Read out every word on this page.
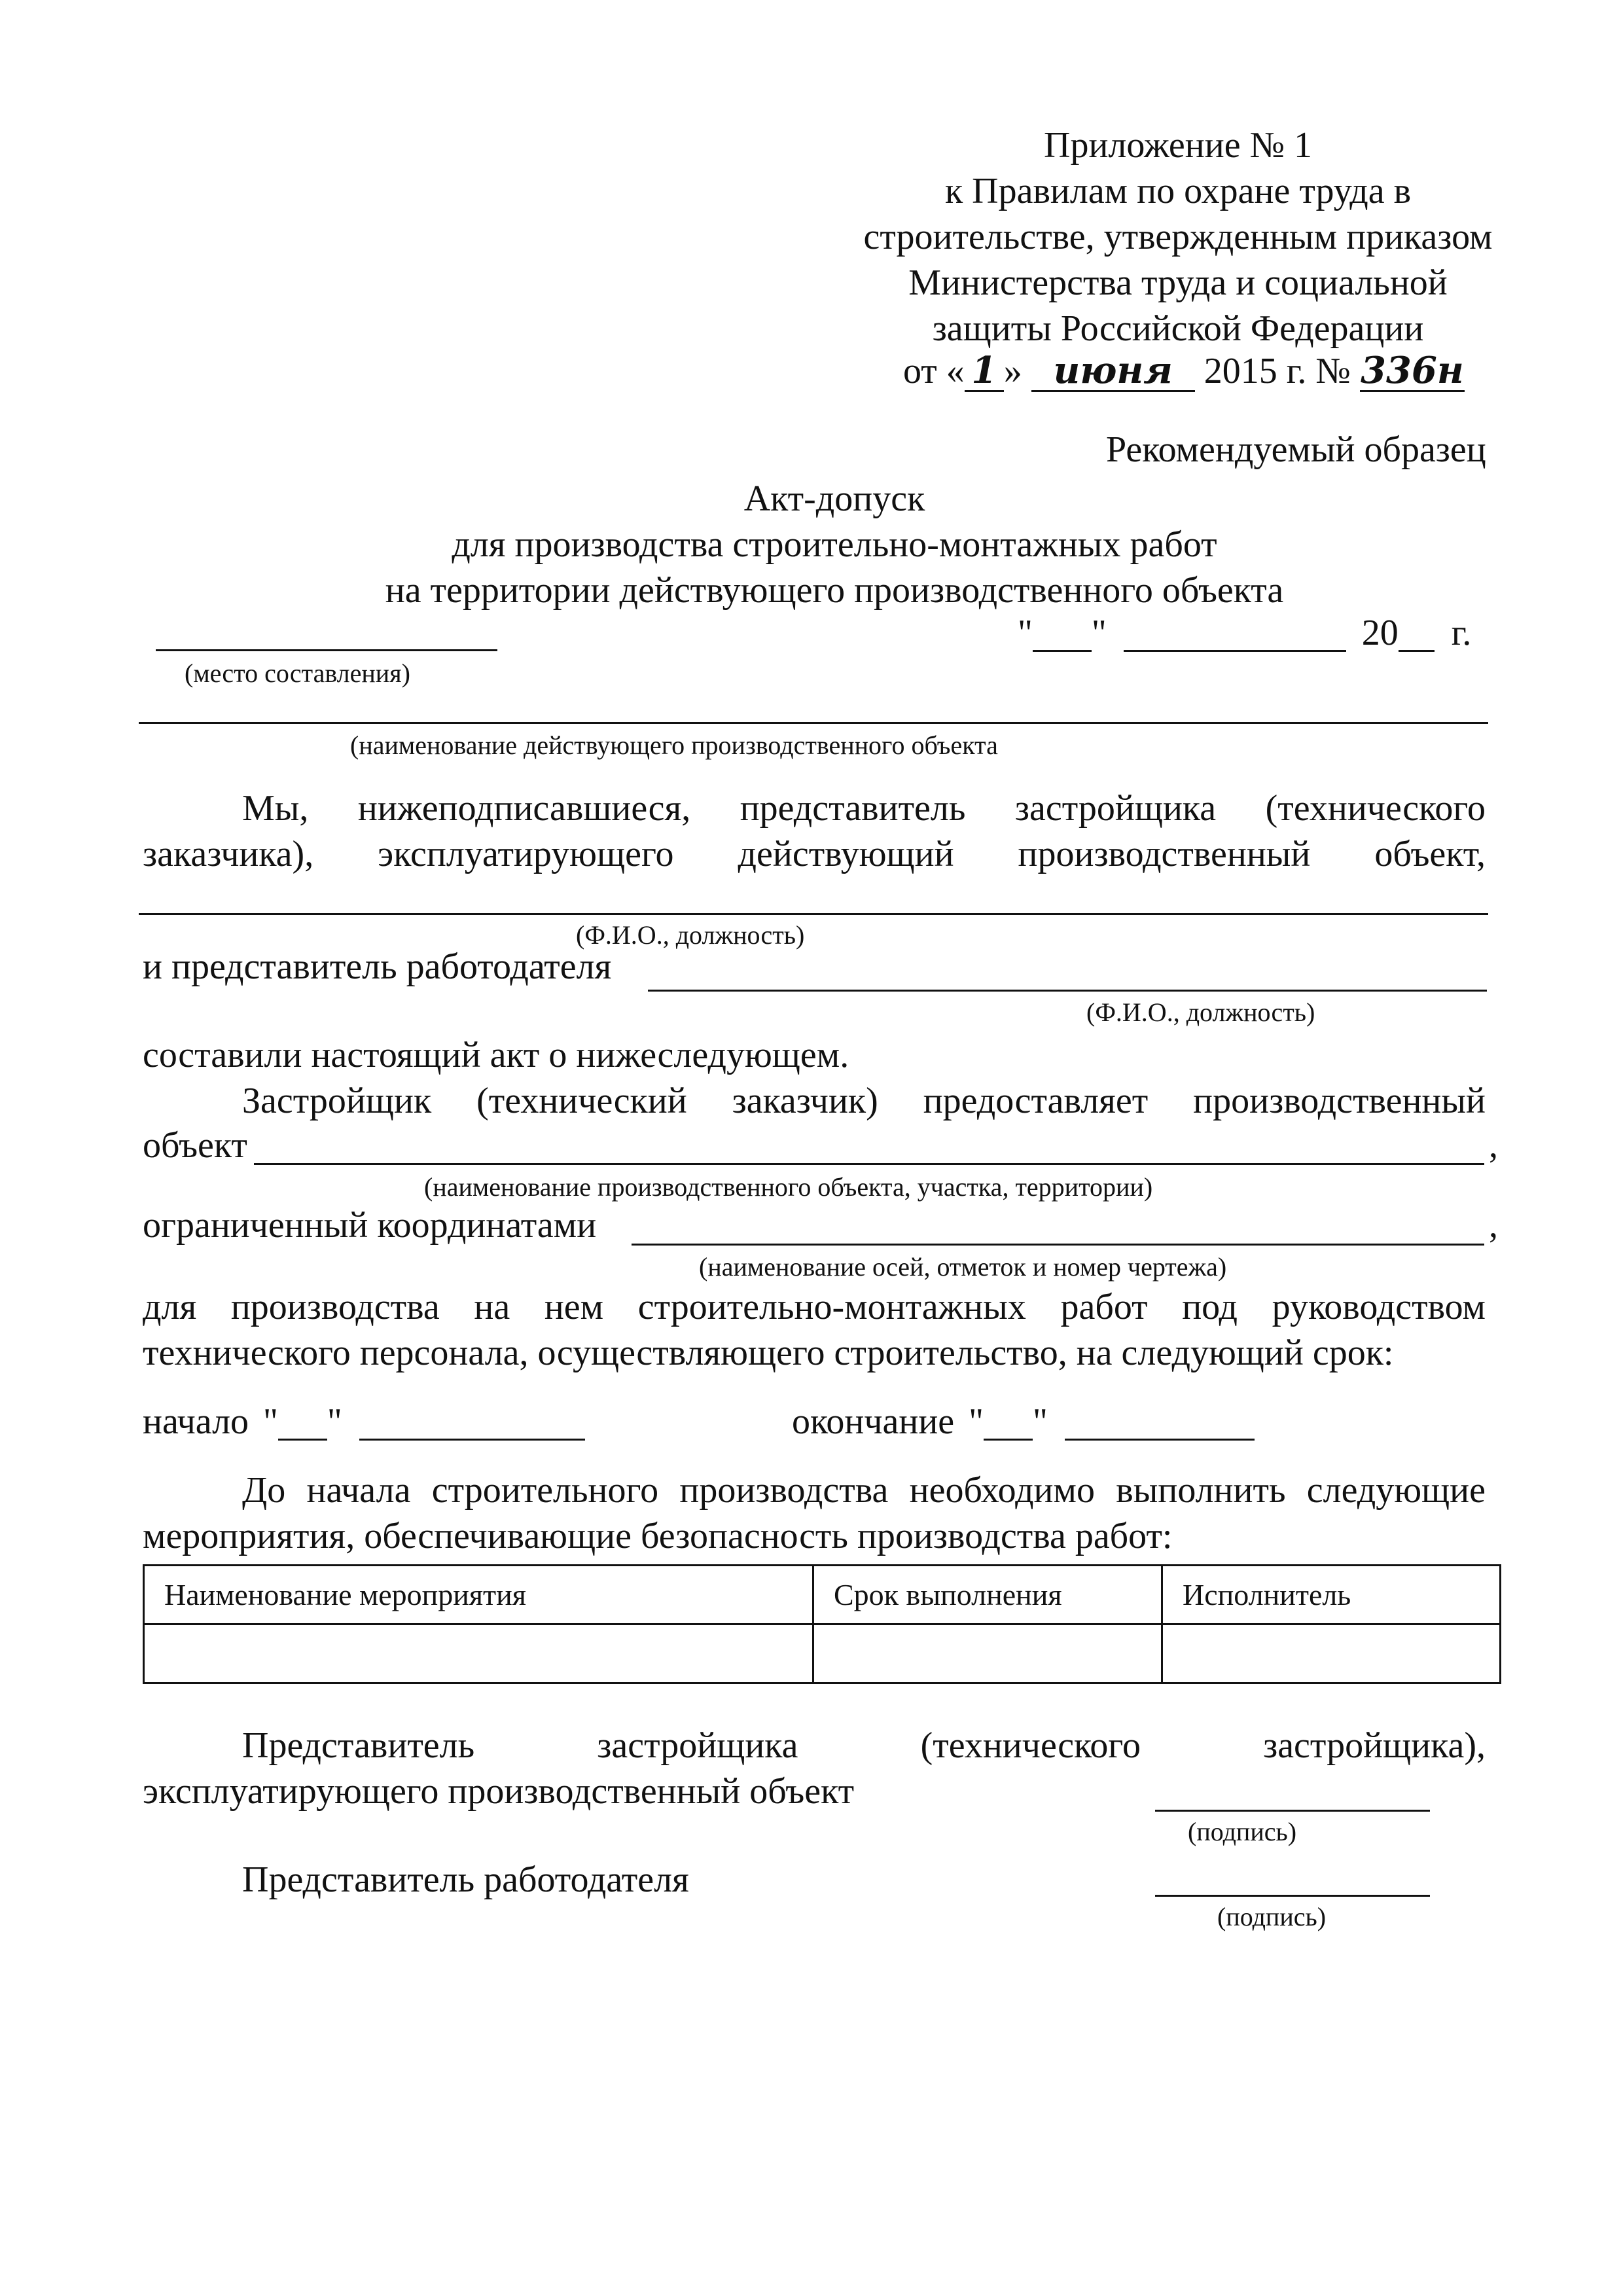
Приложение № 1
к Правилам по охране труда в
строительстве, утвержденным приказом
Министерства труда и социальной
защиты Российской Федерации
от « 1 » июня 2015 г. № 336н
Рекомендуемый образец
Акт-допуск
для производства строительно-монтажных работ
на территории действующего производственного объекта
(место составления)
" "	20 г.
(наименование действующего производственного объекта
Мы, нижеподписавшиеся, представитель застройщика (технического
заказчика), эксплуатирующего действующий производственный объект,
(Ф.И.О., должность)
и представитель работодателя
(Ф.И.О., должность)
составили настоящий акт о нижеследующем.
Застройщик (технический заказчик) предоставляет производственный
объект	,
(наименование производственного объекта, участка, территории)
ограниченный координатами	,
(наименование осей, отметок и номер чертежа)
для производства на нем строительно-монтажных работ под руководством
технического персонала, осуществляющего строительство, на следующий срок:
начало " "	окончание " "
До начала строительного производства необходимо выполнить следующие
мероприятия, обеспечивающие безопасность производства работ:
Наименование мероприятия	Срок выполнения	Исполнитель

Представитель застройщика (технического застройщика),
эксплуатирующего производственный объект
(подпись)
Представитель работодателя
(подпись)
